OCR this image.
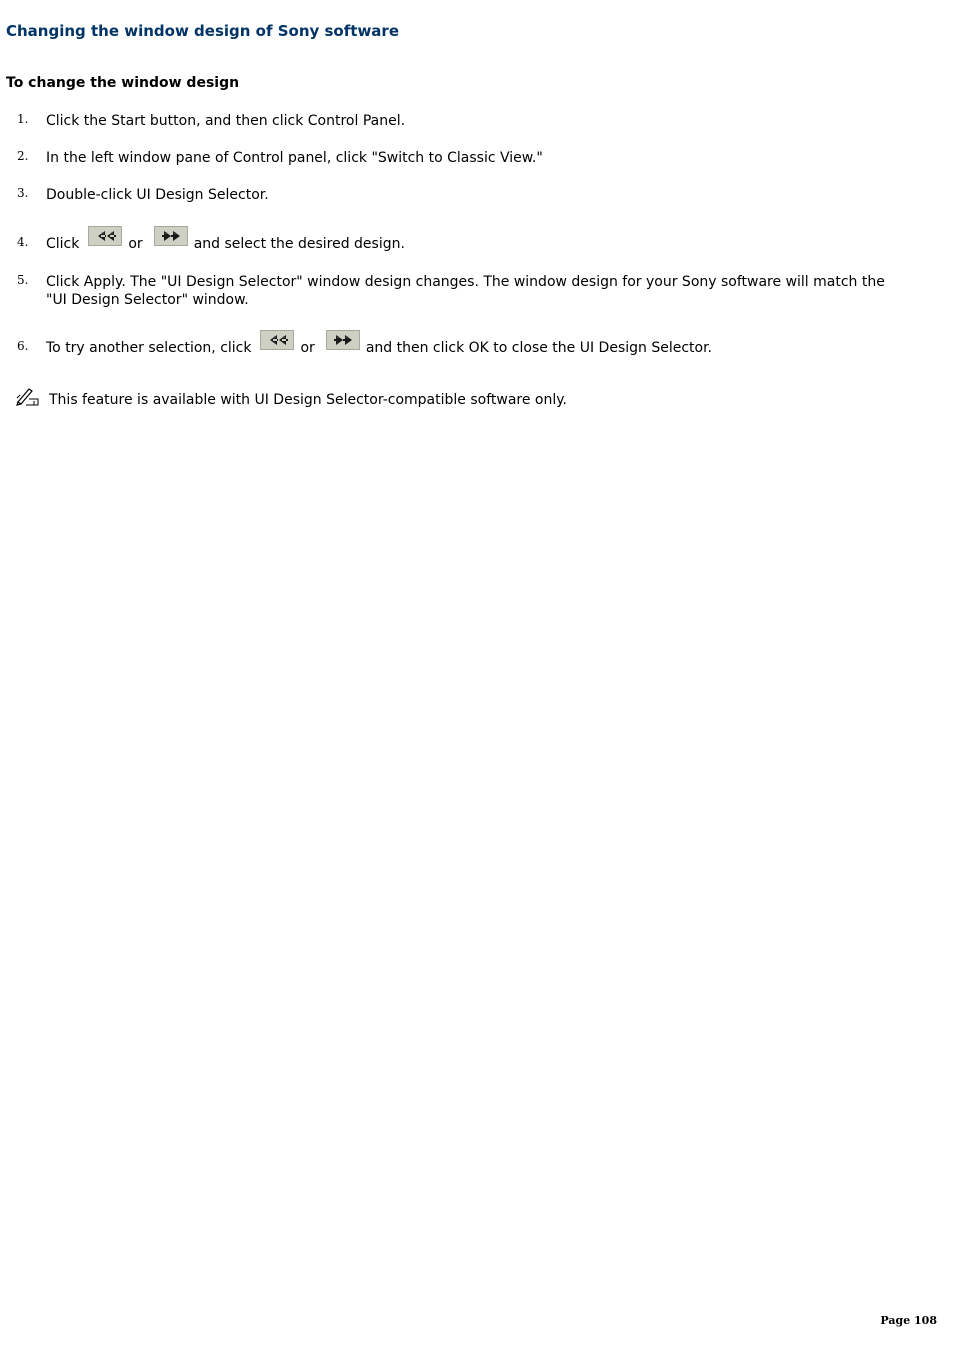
Changing the window design of Sony software
To change the window design
1. Click the Start button, and then click Control Panel.
2. In the left window pane of Control panel, click "Switch to Classic View."
3. Double-click UI Design Selector.
4. Click	or	and select the desired design.
5. Click Apply. The "UI Design Selector" window design changes. The window design for your Sony software will match the "UI Design Selector" window.
6. To try another selection, click	or	and then click OK to close the UI Design Selector.
This feature is available with UI Design Selector-compatible software only.
Page 108
